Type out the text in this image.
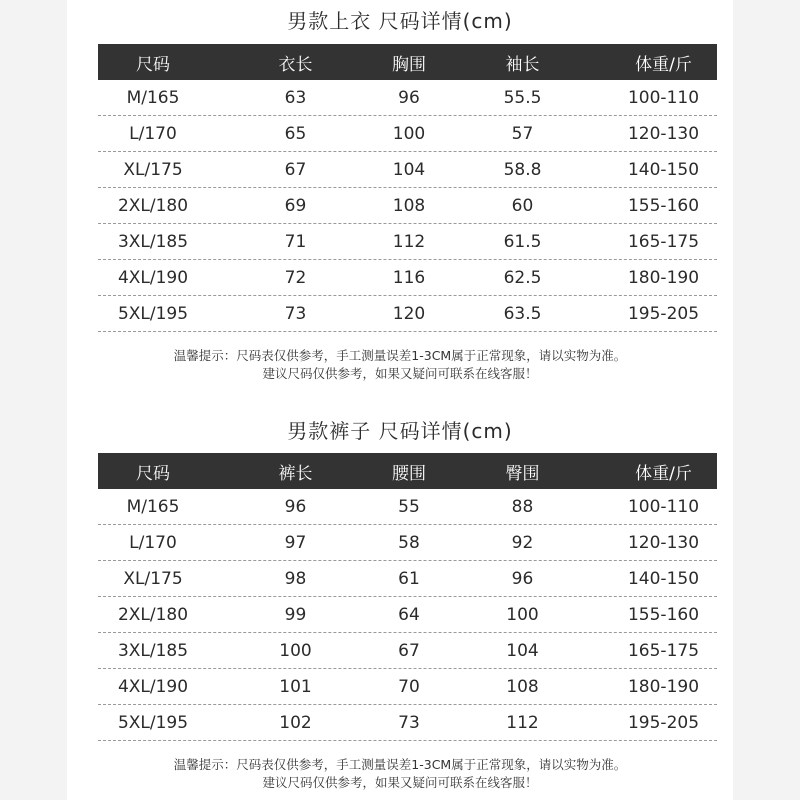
男款上衣 尺码详情(cm)
尺码	衣长	胸围	袖长	体重/斤
M/165	63	96	55.5	100-110
L/170	65	100	57	120-130
XL/175	67	104	58.8	140-150
2XL/180	69	108	60	155-160
3XL/185	71	112	61.5	165-175
4XL/190	72	116	62.5	180-190
5XL/195	73	120	63.5	195-205
温馨提示：尺码表仅供参考，手工测量误差1-3CM属于正常现象，请以实物为准。
建议尺码仅供参考，如果又疑问可联系在线客服！
男款裤子 尺码详情(cm)
尺码	裤长	腰围	臀围	体重/斤
M/165	96	55	88	100-110
L/170	97	58	92	120-130
XL/175	98	61	96	140-150
2XL/180	99	64	100	155-160
3XL/185	100	67	104	165-175
4XL/190	101	70	108	180-190
5XL/195	102	73	112	195-205
温馨提示：尺码表仅供参考，手工测量误差1-3CM属于正常现象，请以实物为准。
建议尺码仅供参考，如果又疑问可联系在线客服！
